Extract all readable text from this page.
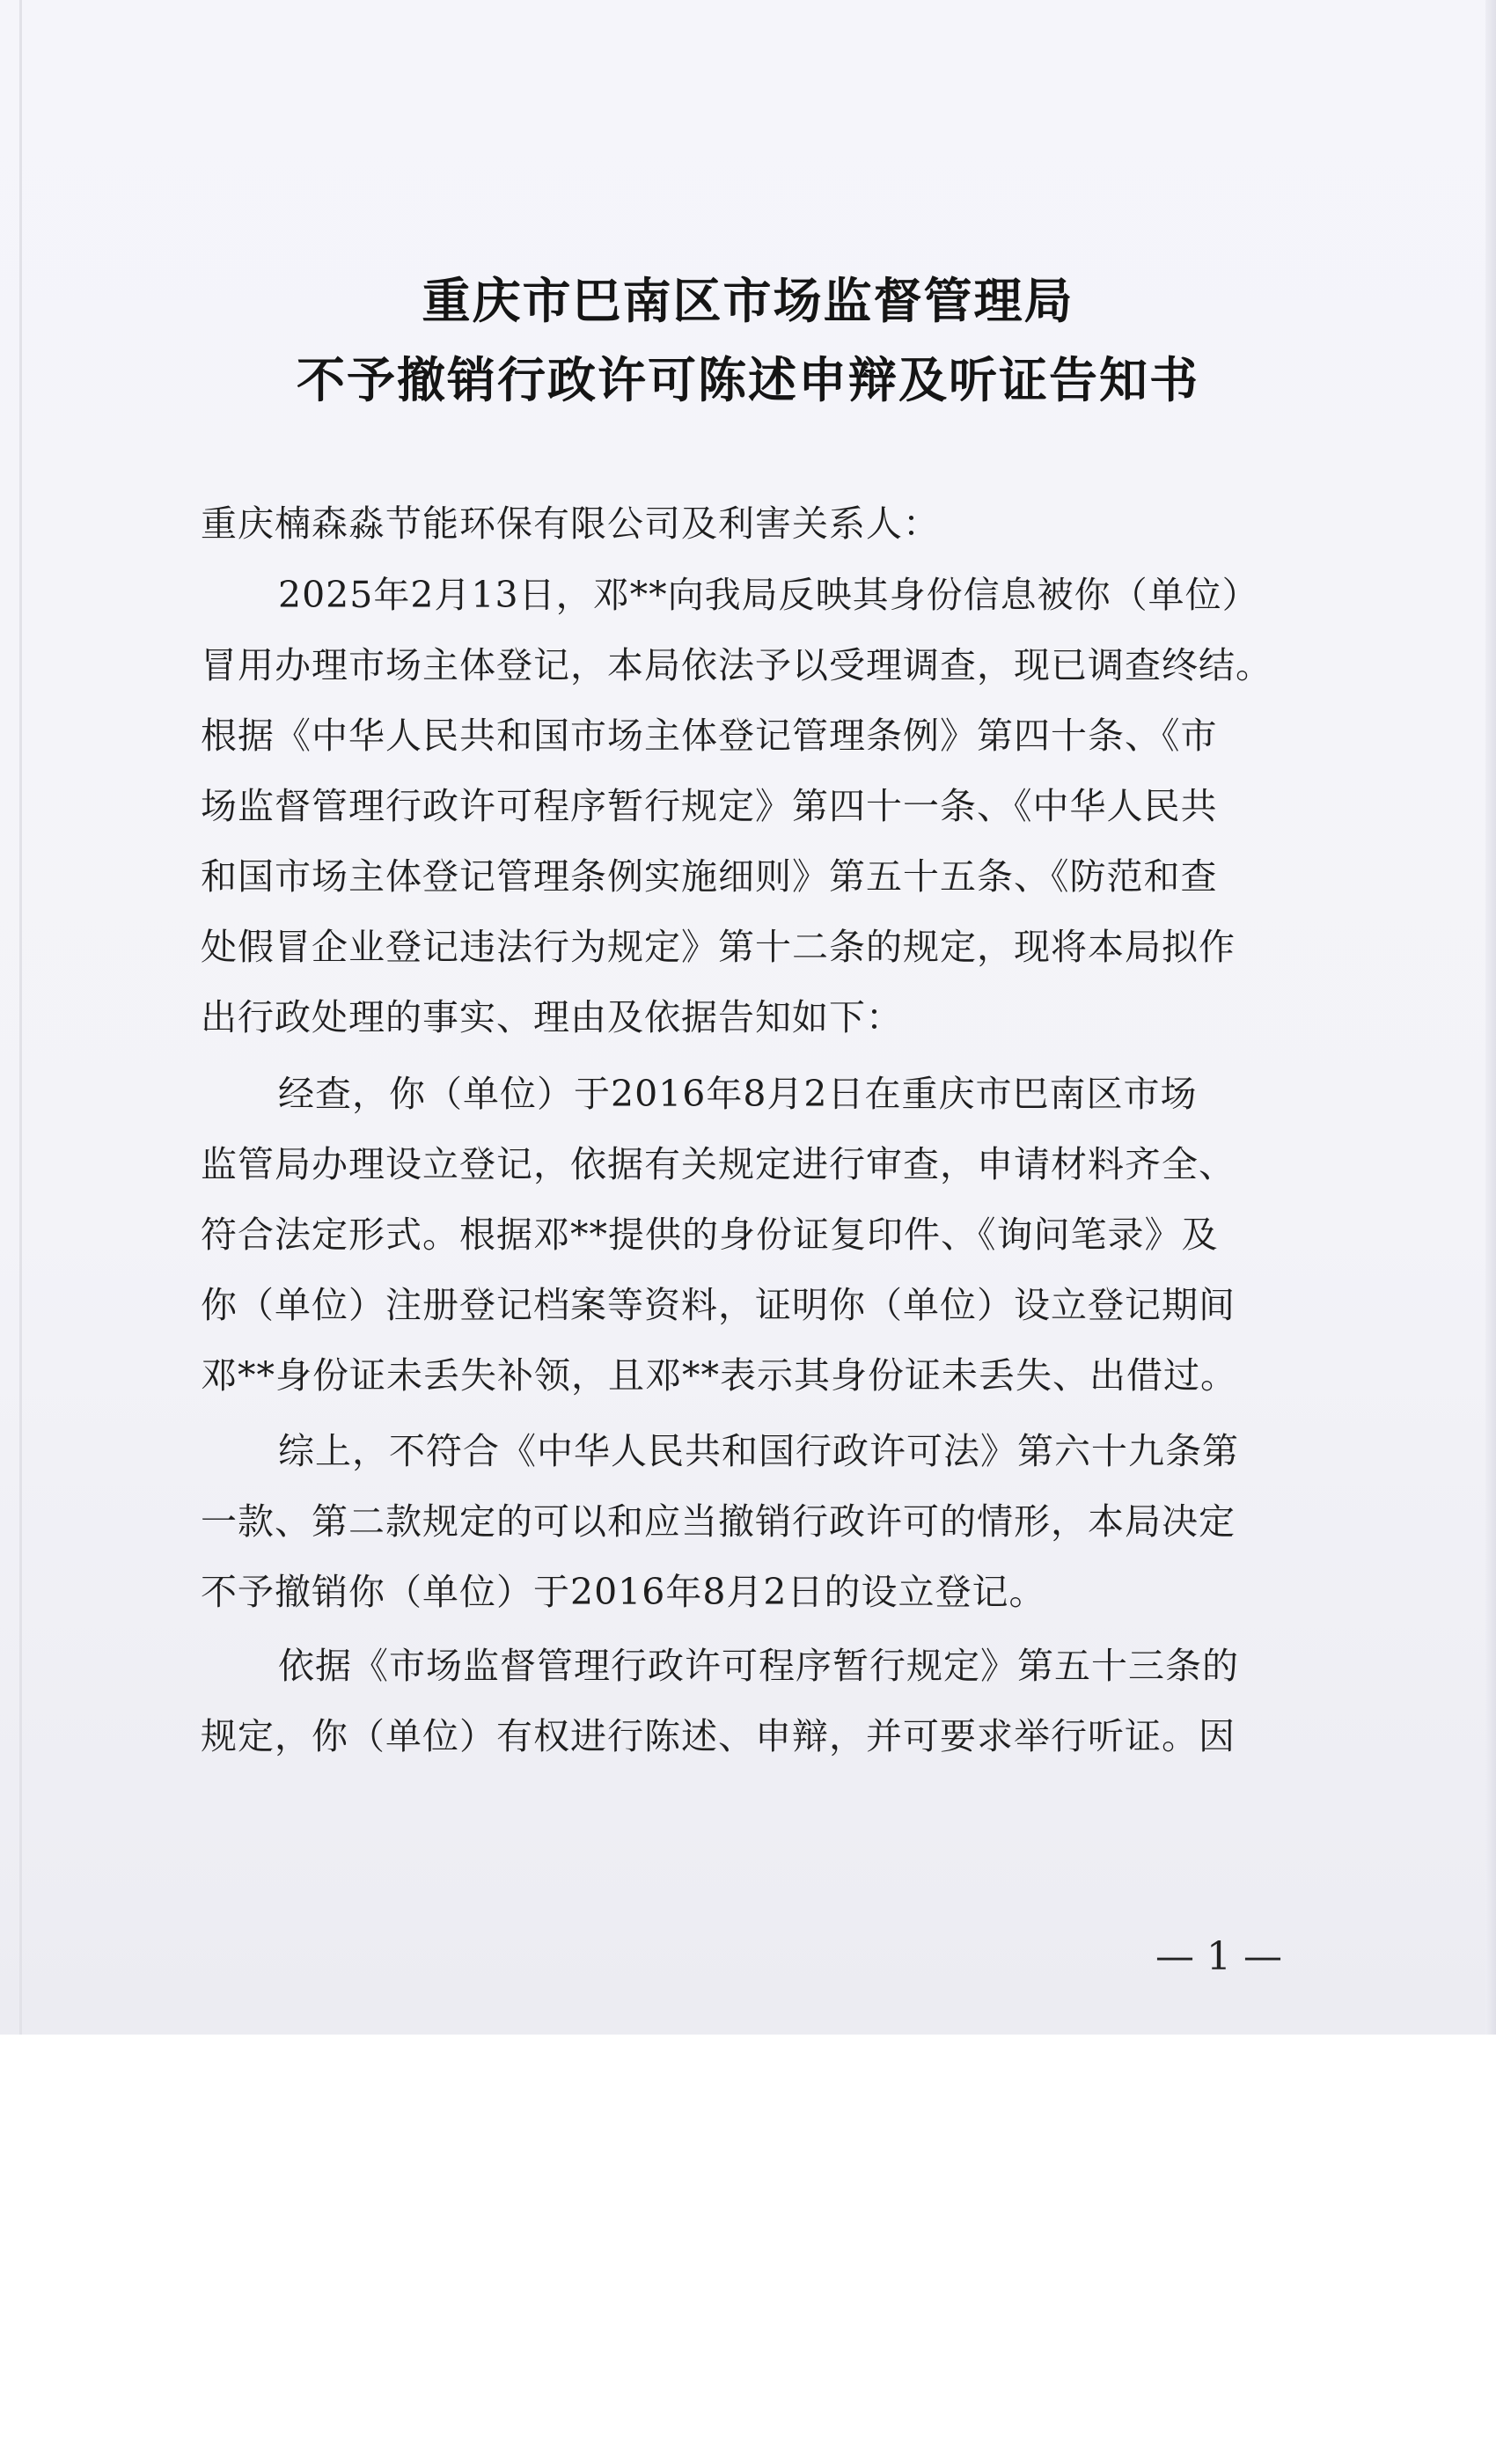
重庆市巴南区市场监督管理局
不予撤销行政许可陈述申辩及听证告知书
重庆楠森淼节能环保有限公司及利害关系人：
2025年2月13日，邓**向我局反映其身份信息被你（单位）
冒用办理市场主体登记，本局依法予以受理调查，现已调查终结。
根据《中华人民共和国市场主体登记管理条例》第四十条、《市
场监督管理行政许可程序暂行规定》第四十一条、《中华人民共
和国市场主体登记管理条例实施细则》第五十五条、《防范和查
处假冒企业登记违法行为规定》第十二条的规定，现将本局拟作
出行政处理的事实、理由及依据告知如下：
经查，你（单位）于2016年8月2日在重庆市巴南区市场
监管局办理设立登记，依据有关规定进行审查，申请材料齐全、
符合法定形式。根据邓**提供的身份证复印件、《询问笔录》及
你（单位）注册登记档案等资料，证明你（单位）设立登记期间
邓**身份证未丢失补领，且邓**表示其身份证未丢失、出借过。
综上，不符合《中华人民共和国行政许可法》第六十九条第
一款、第二款规定的可以和应当撤销行政许可的情形，本局决定
不予撤销你（单位）于2016年8月2日的设立登记。
依据《市场监督管理行政许可程序暂行规定》第五十三条的
规定，你（单位）有权进行陈述、申辩，并可要求举行听证。因
— 1 —
